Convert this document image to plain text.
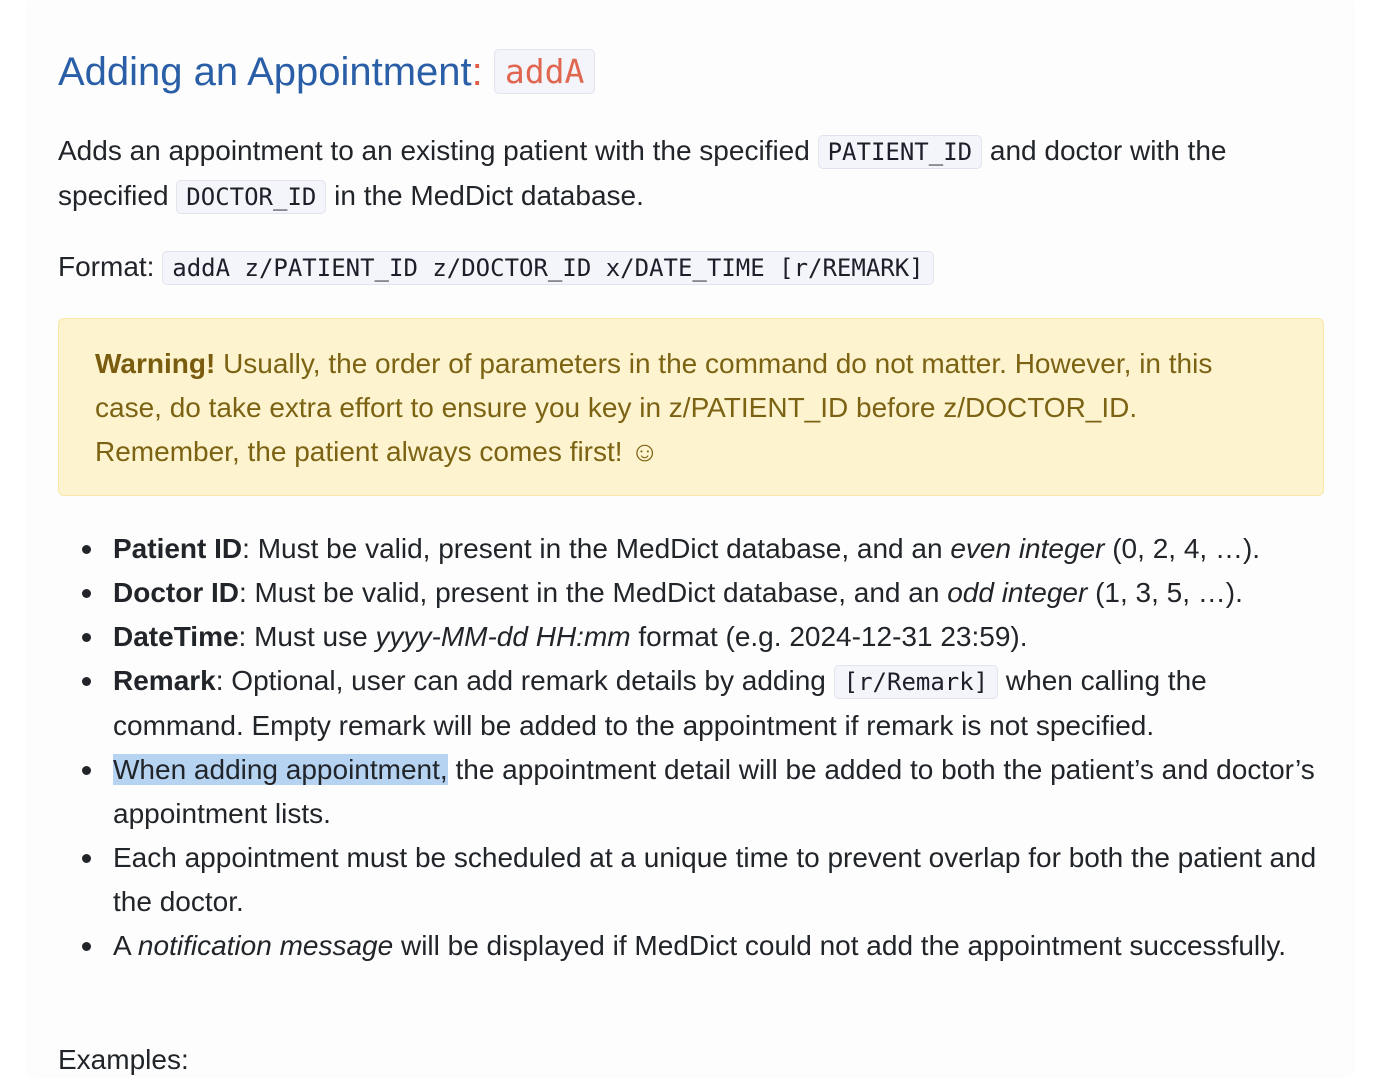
Adding an Appointment: addA

Adds an appointment to an existing patient with the specified PATIENT_ID and doctor with the specified DOCTOR_ID in the MedDict database.

Format: addA z/PATIENT_ID z/DOCTOR_ID x/DATE_TIME [r/REMARK]

Warning! Usually, the order of parameters in the command do not matter. However, in this case, do take extra effort to ensure you key in z/PATIENT_ID before z/DOCTOR_ID. Remember, the patient always comes first! ☺
Patient ID: Must be valid, present in the MedDict database, and an even integer (0, 2, 4, …).
Doctor ID: Must be valid, present in the MedDict database, and an odd integer (1, 3, 5, …).
DateTime: Must use yyyy-MM-dd HH:mm format (e.g. 2024-12-31 23:59).
Remark: Optional, user can add remark details by adding [r/Remark] when calling the command. Empty remark will be added to the appointment if remark is not specified.
When adding appointment, the appointment detail will be added to both the patient’s and doctor’s appointment lists.
Each appointment must be scheduled at a unique time to prevent overlap for both the patient and the doctor.
A notification message will be displayed if MedDict could not add the appointment successfully.

Examples:
